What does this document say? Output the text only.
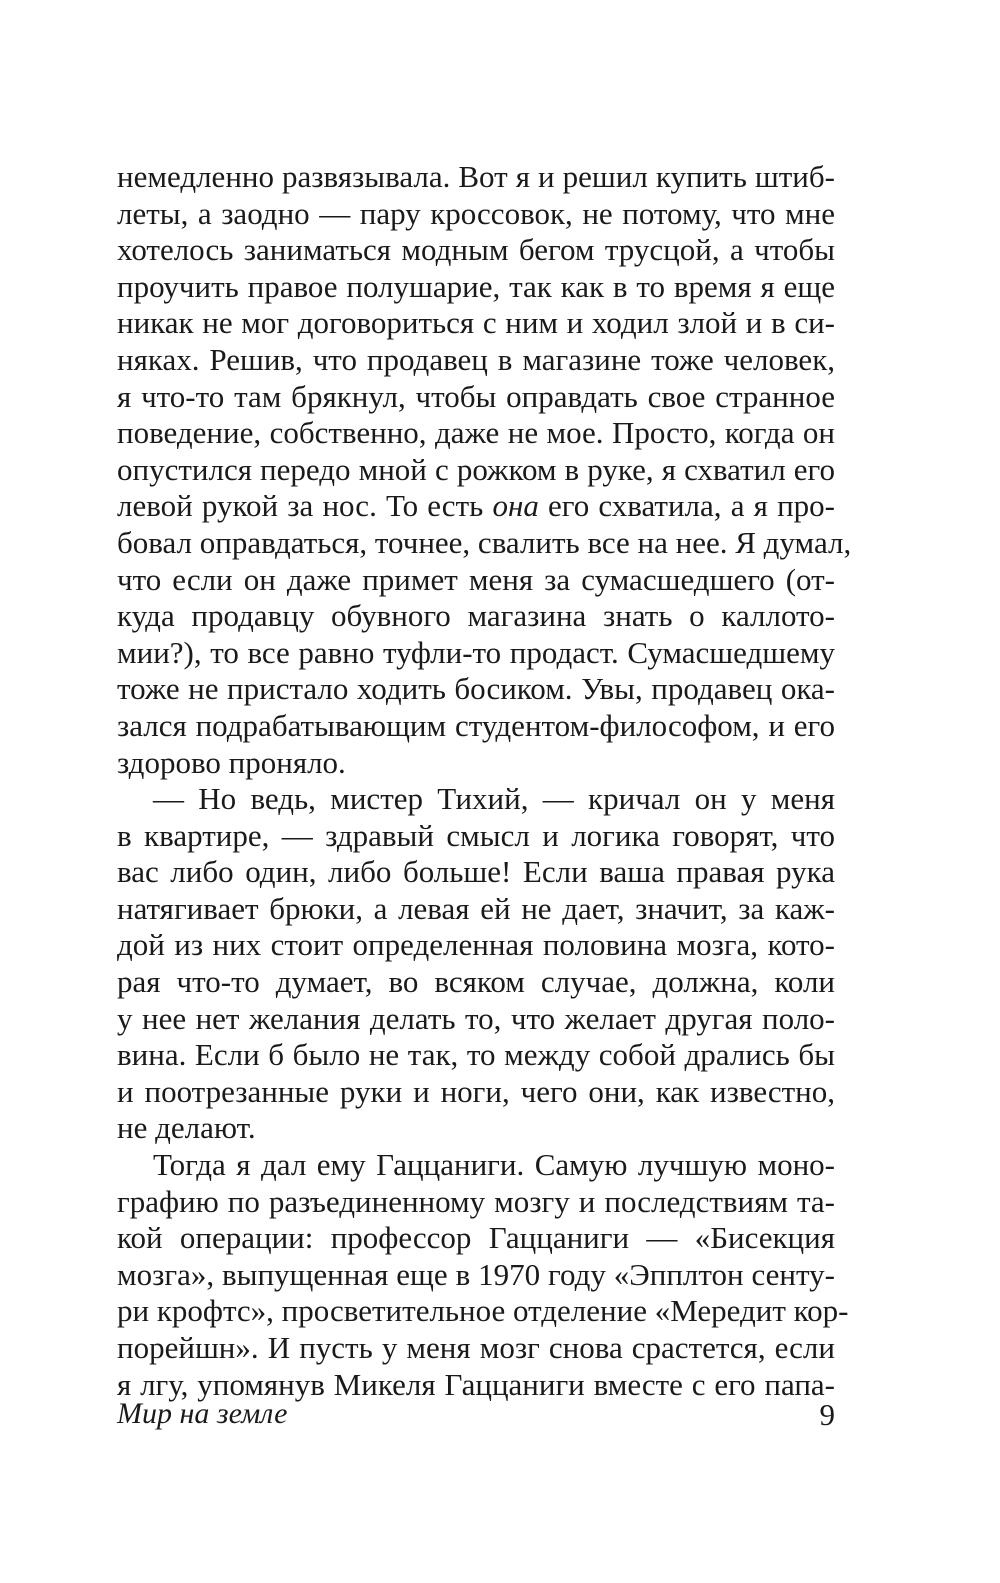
немедленно развязывала. Вот я и решил купить штиб-
леты, а заодно — пару кроссовок, не потому, что мне
хотелось заниматься модным бегом трусцой, а чтобы
проучить правое полушарие, так как в то время я еще
никак не мог договориться с ним и ходил злой и в си-
няках. Решив, что продавец в магазине тоже человек,
я что-то там брякнул, чтобы оправдать свое странное
поведение, собственно, даже не мое. Просто, когда он
опустился передо мной с рожком в руке, я схватил его
левой рукой за нос. То есть она его схватила, а я про-
бовал оправдаться, точнее, свалить все на нее. Я думал,
что если он даже примет меня за сумасшедшего (от-
куда продавцу обувного магазина знать о каллото-
мии?), то все равно туфли-то продаст. Сумасшедшему
тоже не пристало ходить босиком. Увы, продавец ока-
зался подрабатывающим студентом-философом, и его
здорово проняло.
— Но ведь, мистер Тихий, — кричал он у меня
в квартире, — здравый смысл и логика говорят, что
вас либо один, либо больше! Если ваша правая рука
натягивает брюки, а левая ей не дает, значит, за каж-
дой из них стоит определенная половина мозга, кото-
рая что-то думает, во всяком случае, должна, коли
у нее нет желания делать то, что желает другая поло-
вина. Если б было не так, то между собой дрались бы
и поотрезанные руки и ноги, чего они, как известно,
не делают.
Тогда я дал ему Гаццаниги. Самую лучшую моно-
графию по разъединенному мозгу и последствиям та-
кой операции: профессор Гаццаниги — «Бисекция
мозга», выпущенная еще в 1970 году «Эпплтон сенту-
ри крофтс», просветительное отделение «Мередит кор-
порейшн». И пусть у меня мозг снова срастется, если
я лгу, упомянув Микеля Гаццаниги вместе с его папа-
Мир на земле	9
